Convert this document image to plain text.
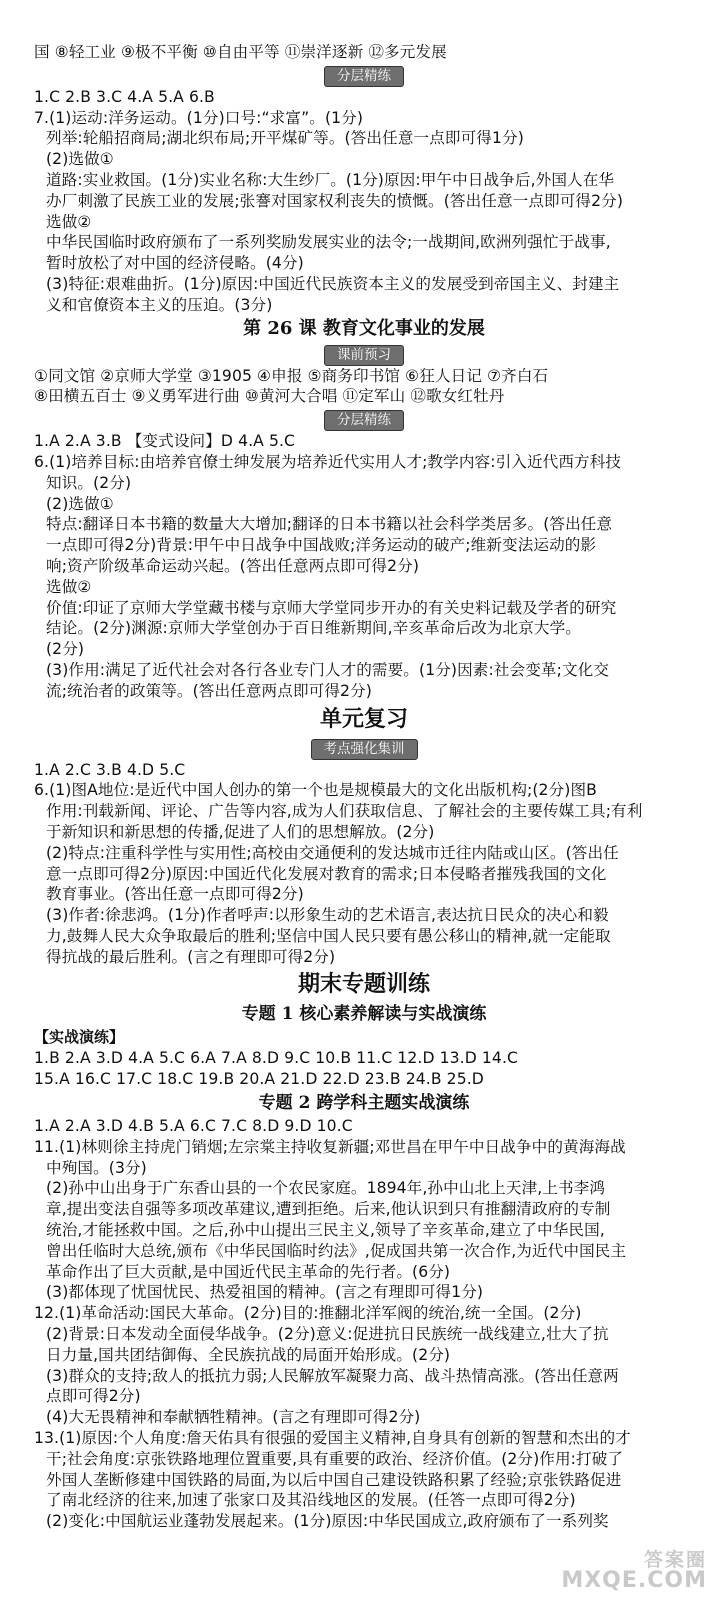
国 ⑧轻工业 ⑨极不平衡 ⑩自由平等 ⑪崇洋逐新 ⑫多元发展
分层精练
1.C 2.B 3.C 4.A 5.A 6.B
7.(1)运动:洋务运动。(1分)口号:“求富”。(1分)
列举:轮船招商局;湖北织布局;开平煤矿等。(答出任意一点即可得1分)
(2)选做①
道路:实业救国。(1分)实业名称:大生纱厂。(1分)原因:甲午中日战争后,外国人在华
办厂刺激了民族工业的发展;张謇对国家权利丧失的愤慨。(答出任意一点即可得2分)
选做②
中华民国临时政府颁布了一系列奖励发展实业的法令;一战期间,欧洲列强忙于战事,
暂时放松了对中国的经济侵略。(4分)
(3)特征:艰难曲折。(1分)原因:中国近代民族资本主义的发展受到帝国主义、封建主
义和官僚资本主义的压迫。(3分)
第 26 课 教育文化事业的发展
课前预习
①同文馆 ②京师大学堂 ③1905 ④申报 ⑤商务印书馆 ⑥狂人日记 ⑦齐白石
⑧田横五百士 ⑨义勇军进行曲 ⑩黄河大合唱 ⑪定军山 ⑫歌女红牡丹
分层精练
1.A 2.A 3.B 【变式设问】D 4.A 5.C
6.(1)培养目标:由培养官僚士绅发展为培养近代实用人才;教学内容:引入近代西方科技
知识。(2分)
(2)选做①
特点:翻译日本书籍的数量大大增加;翻译的日本书籍以社会科学类居多。(答出任意
一点即可得2分)背景:甲午中日战争中国战败;洋务运动的破产;维新变法运动的影
响;资产阶级革命运动兴起。(答出任意两点即可得2分)
选做②
价值:印证了京师大学堂藏书楼与京师大学堂同步开办的有关史料记载及学者的研究
结论。(2分)渊源:京师大学堂创办于百日维新期间,辛亥革命后改为北京大学。
(2分)
(3)作用:满足了近代社会对各行各业专门人才的需要。(1分)因素:社会变革;文化交
流;统治者的政策等。(答出任意两点即可得2分)
单元复习
考点强化集训
1.A 2.C 3.B 4.D 5.C
6.(1)图A地位:是近代中国人创办的第一个也是规模最大的文化出版机构;(2分)图B
作用:刊载新闻、评论、广告等内容,成为人们获取信息、了解社会的主要传媒工具;有利
于新知识和新思想的传播,促进了人们的思想解放。(2分)
(2)特点:注重科学性与实用性;高校由交通便利的发达城市迁往内陆或山区。(答出任
意一点即可得2分)原因:中国近代化发展对教育的需求;日本侵略者摧残我国的文化
教育事业。(答出任意一点即可得2分)
(3)作者:徐悲鸿。(1分)作者呼声:以形象生动的艺术语言,表达抗日民众的决心和毅
力,鼓舞人民大众争取最后的胜利;坚信中国人民只要有愚公移山的精神,就一定能取
得抗战的最后胜利。(言之有理即可得2分)
期末专题训练
专题 1 核心素养解读与实战演练
【实战演练】
1.B 2.A 3.D 4.A 5.C 6.A 7.A 8.D 9.C 10.B 11.C 12.D 13.D 14.C
15.A 16.C 17.C 18.C 19.B 20.A 21.D 22.D 23.B 24.B 25.D
专题 2 跨学科主题实战演练
1.A 2.A 3.D 4.B 5.A 6.C 7.C 8.D 9.D 10.C
11.(1)林则徐主持虎门销烟;左宗棠主持收复新疆;邓世昌在甲午中日战争中的黄海海战
中殉国。(3分)
(2)孙中山出身于广东香山县的一个农民家庭。1894年,孙中山北上天津,上书李鸿
章,提出变法自强等多项改革建议,遭到拒绝。后来,他认识到只有推翻清政府的专制
统治,才能拯救中国。之后,孙中山提出三民主义,领导了辛亥革命,建立了中华民国,
曾出任临时大总统,颁布《中华民国临时约法》,促成国共第一次合作,为近代中国民主
革命作出了巨大贡献,是中国近代民主革命的先行者。(6分)
(3)都体现了忧国忧民、热爱祖国的精神。(言之有理即可得1分)
12.(1)革命活动:国民大革命。(2分)目的:推翻北洋军阀的统治,统一全国。(2分)
(2)背景:日本发动全面侵华战争。(2分)意义:促进抗日民族统一战线建立,壮大了抗
日力量,国共团结御侮、全民族抗战的局面开始形成。(2分)
(3)群众的支持;敌人的抵抗力弱;人民解放军凝聚力高、战斗热情高涨。(答出任意两
点即可得2分)
(4)大无畏精神和奉献牺牲精神。(言之有理即可得2分)
13.(1)原因:个人角度:詹天佑具有很强的爱国主义精神,自身具有创新的智慧和杰出的才
干;社会角度:京张铁路地理位置重要,具有重要的政治、经济价值。(2分)作用:打破了
外国人垄断修建中国铁路的局面,为以后中国自己建设铁路积累了经验;京张铁路促进
了南北经济的往来,加速了张家口及其沿线地区的发展。(任答一点即可得2分)
(2)变化:中国航运业蓬勃发展起来。(1分)原因:中华民国成立,政府颁布了一系列奖
答案圈
MXQE.COM
